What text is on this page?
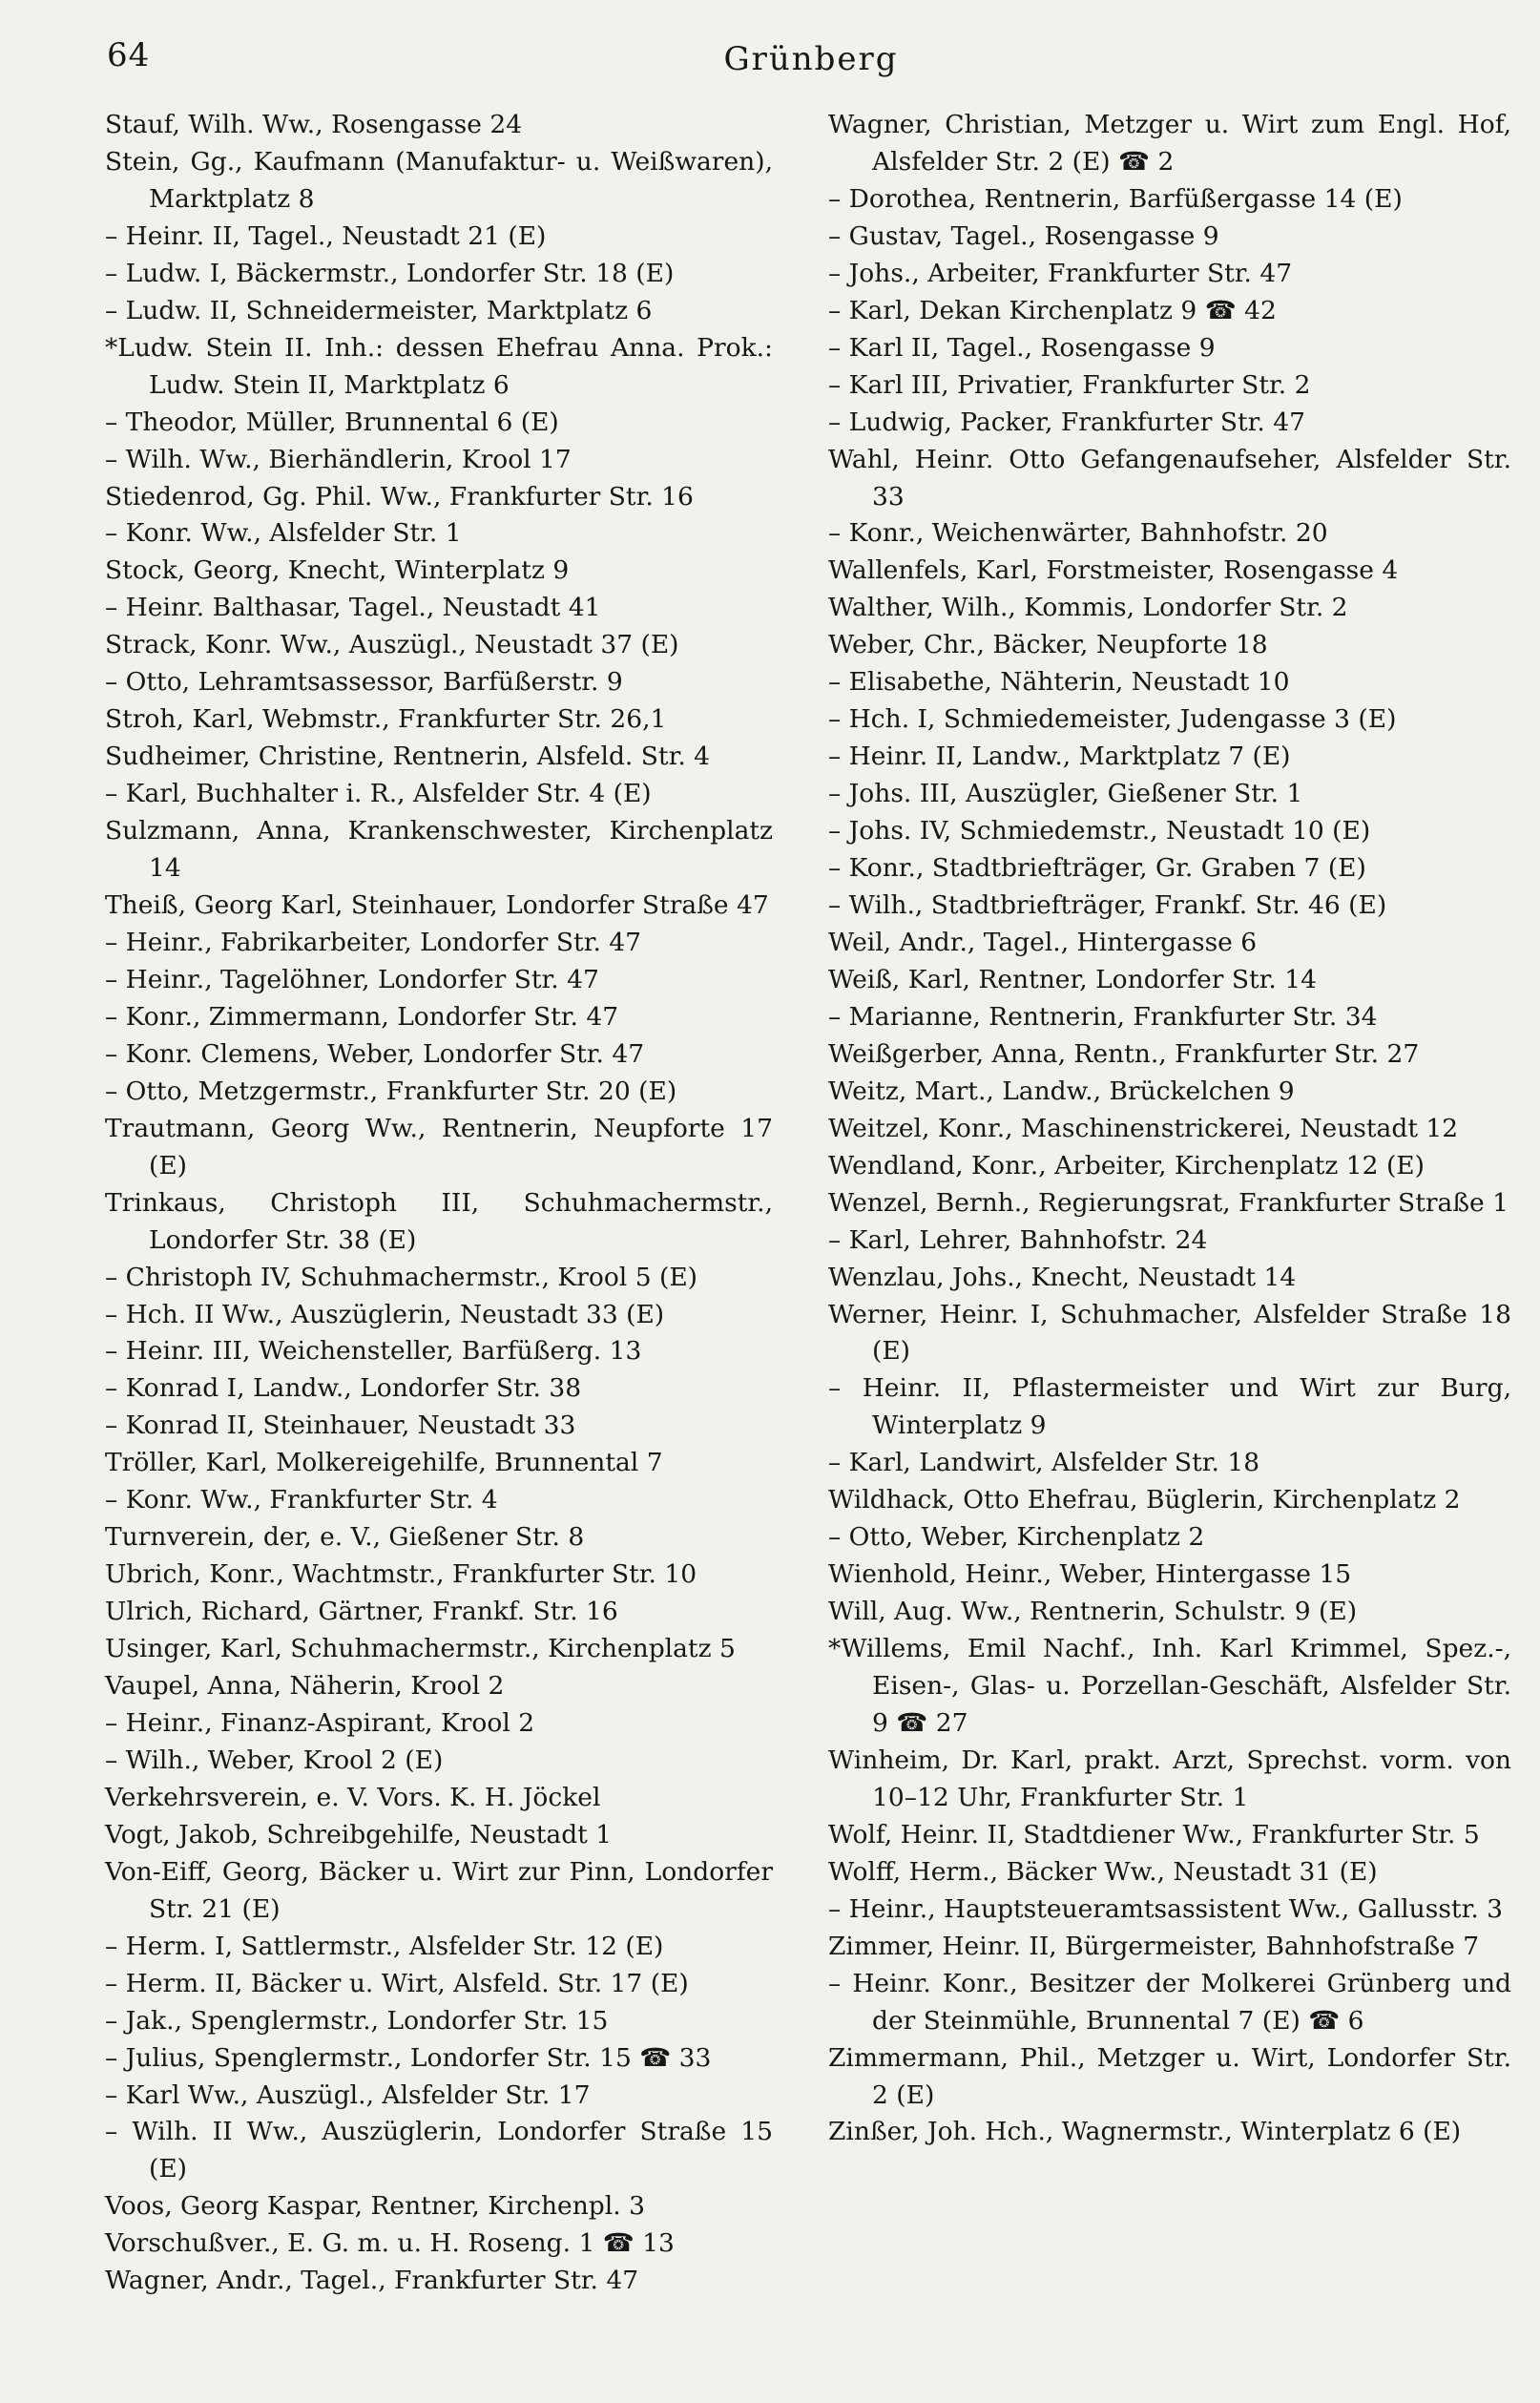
64	Grünberg
Stauf, Wilh. Ww., Rosengasse 24
Stein, Gg., Kaufmann (Manufaktur- u. Weißwaren), Marktplatz 8
– Heinr. II, Tagel., Neustadt 21 (E)
– Ludw. I, Bäckermstr., Londorfer Str. 18 (E)
– Ludw. II, Schneidermeister, Marktplatz 6
*Ludw. Stein II. Inh.: dessen Ehefrau Anna. Prok.: Ludw. Stein II, Marktplatz 6
– Theodor, Müller, Brunnental 6 (E)
– Wilh. Ww., Bierhändlerin, Krool 17
Stiedenrod, Gg. Phil. Ww., Frankfurter Str. 16
– Konr. Ww., Alsfelder Str. 1
Stock, Georg, Knecht, Winterplatz 9
– Heinr. Balthasar, Tagel., Neustadt 41
Strack, Konr. Ww., Auszügl., Neustadt 37 (E)
– Otto, Lehramtsassessor, Barfüßerstr. 9
Stroh, Karl, Webmstr., Frankfurter Str. 26,1
Sudheimer, Christine, Rentnerin, Alsfeld. Str. 4
– Karl, Buchhalter i. R., Alsfelder Str. 4 (E)
Sulzmann, Anna, Krankenschwester, Kirchenplatz 14
Theiß, Georg Karl, Steinhauer, Londorfer Straße 47
– Heinr., Fabrikarbeiter, Londorfer Str. 47
– Heinr., Tagelöhner, Londorfer Str. 47
– Konr., Zimmermann, Londorfer Str. 47
– Konr. Clemens, Weber, Londorfer Str. 47
– Otto, Metzgermstr., Frankfurter Str. 20 (E)
Trautmann, Georg Ww., Rentnerin, Neupforte 17 (E)
Trinkaus, Christoph III, Schuhmachermstr., Londorfer Str. 38 (E)
– Christoph IV, Schuhmachermstr., Krool 5 (E)
– Hch. II Ww., Auszüglerin, Neustadt 33 (E)
– Heinr. III, Weichensteller, Barfüßerg. 13
– Konrad I, Landw., Londorfer Str. 38
– Konrad II, Steinhauer, Neustadt 33
Tröller, Karl, Molkereigehilfe, Brunnental 7
– Konr. Ww., Frankfurter Str. 4
Turnverein, der, e. V., Gießener Str. 8
Ubrich, Konr., Wachtmstr., Frankfurter Str. 10
Ulrich, Richard, Gärtner, Frankf. Str. 16
Usinger, Karl, Schuhmachermstr., Kirchenplatz 5
Vaupel, Anna, Näherin, Krool 2
– Heinr., Finanz-Aspirant, Krool 2
– Wilh., Weber, Krool 2 (E)
Verkehrsverein, e. V. Vors. K. H. Jöckel
Vogt, Jakob, Schreibgehilfe, Neustadt 1
Von-Eiff, Georg, Bäcker u. Wirt zur Pinn, Londorfer Str. 21 (E)
– Herm. I, Sattlermstr., Alsfelder Str. 12 (E)
– Herm. II, Bäcker u. Wirt, Alsfeld. Str. 17 (E)
– Jak., Spenglermstr., Londorfer Str. 15
– Julius, Spenglermstr., Londorfer Str. 15 ☎ 33
– Karl Ww., Auszügl., Alsfelder Str. 17
– Wilh. II Ww., Auszüglerin, Londorfer Straße 15 (E)
Voos, Georg Kaspar, Rentner, Kirchenpl. 3
Vorschußver., E. G. m. u. H. Roseng. 1 ☎ 13
Wagner, Andr., Tagel., Frankfurter Str. 47
Wagner, Christian, Metzger u. Wirt zum Engl. Hof, Alsfelder Str. 2 (E) ☎ 2
– Dorothea, Rentnerin, Barfüßergasse 14 (E)
– Gustav, Tagel., Rosengasse 9
– Johs., Arbeiter, Frankfurter Str. 47
– Karl, Dekan Kirchenplatz 9 ☎ 42
– Karl II, Tagel., Rosengasse 9
– Karl III, Privatier, Frankfurter Str. 2
– Ludwig, Packer, Frankfurter Str. 47
Wahl, Heinr. Otto Gefangenaufseher, Alsfelder Str. 33
– Konr., Weichenwärter, Bahnhofstr. 20
Wallenfels, Karl, Forstmeister, Rosengasse 4
Walther, Wilh., Kommis, Londorfer Str. 2
Weber, Chr., Bäcker, Neupforte 18
– Elisabethe, Nähterin, Neustadt 10
– Hch. I, Schmiedemeister, Judengasse 3 (E)
– Heinr. II, Landw., Marktplatz 7 (E)
– Johs. III, Auszügler, Gießener Str. 1
– Johs. IV, Schmiedemstr., Neustadt 10 (E)
– Konr., Stadtbriefträger, Gr. Graben 7 (E)
– Wilh., Stadtbriefträger, Frankf. Str. 46 (E)
Weil, Andr., Tagel., Hintergasse 6
Weiß, Karl, Rentner, Londorfer Str. 14
– Marianne, Rentnerin, Frankfurter Str. 34
Weißgerber, Anna, Rentn., Frankfurter Str. 27
Weitz, Mart., Landw., Brückelchen 9
Weitzel, Konr., Maschinenstrickerei, Neustadt 12
Wendland, Konr., Arbeiter, Kirchenplatz 12 (E)
Wenzel, Bernh., Regierungsrat, Frankfurter Straße 1
– Karl, Lehrer, Bahnhofstr. 24
Wenzlau, Johs., Knecht, Neustadt 14
Werner, Heinr. I, Schuhmacher, Alsfelder Straße 18 (E)
– Heinr. II, Pflastermeister und Wirt zur Burg, Winterplatz 9
– Karl, Landwirt, Alsfelder Str. 18
Wildhack, Otto Ehefrau, Büglerin, Kirchenplatz 2
– Otto, Weber, Kirchenplatz 2
Wienhold, Heinr., Weber, Hintergasse 15
Will, Aug. Ww., Rentnerin, Schulstr. 9 (E)
*Willems, Emil Nachf., Inh. Karl Krimmel, Spez.-, Eisen-, Glas- u. Porzellan-Geschäft, Alsfelder Str. 9 ☎ 27
Winheim, Dr. Karl, prakt. Arzt, Sprechst. vorm. von 10–12 Uhr, Frankfurter Str. 1
Wolf, Heinr. II, Stadtdiener Ww., Frankfurter Str. 5
Wolff, Herm., Bäcker Ww., Neustadt 31 (E)
– Heinr., Hauptsteueramtsassistent Ww., Gallusstr. 3
Zimmer, Heinr. II, Bürgermeister, Bahnhofstraße 7
– Heinr. Konr., Besitzer der Molkerei Grünberg und der Steinmühle, Brunnental 7 (E) ☎ 6
Zimmermann, Phil., Metzger u. Wirt, Londorfer Str. 2 (E)
Zinßer, Joh. Hch., Wagnermstr., Winterplatz 6 (E)
